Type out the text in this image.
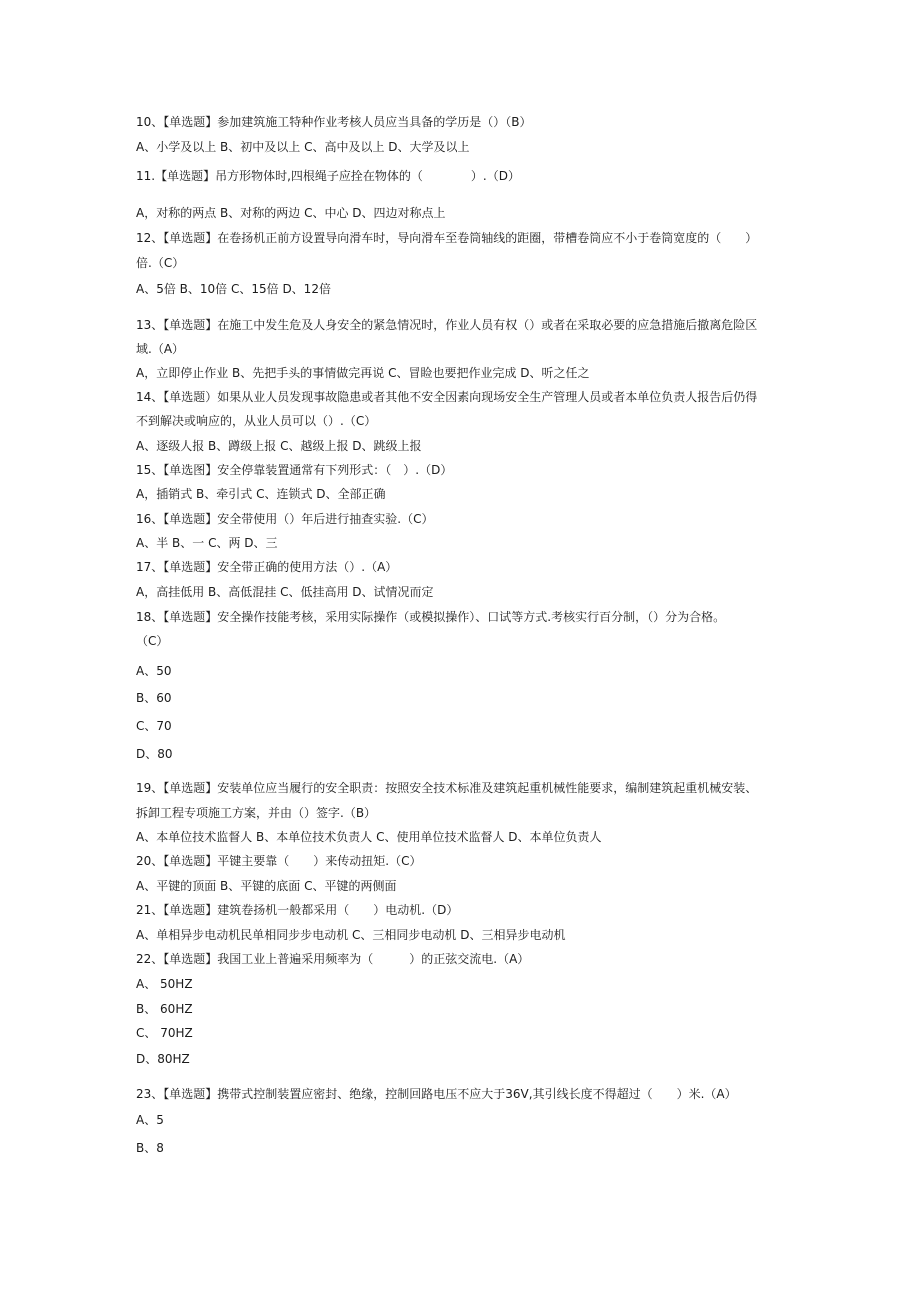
10、【单选题】参加建筑施工特种作业考核人员应当具备的学历是（）（B）
A、小学及以上 B、初中及以上 C、高中及以上 D、大学及以上
11.【单选题】吊方形物体时,四根绳子应拴在物体的（　　　　）.（D）
A，对称的两点 B、对称的两边 C、中心 D、四边对称点上
12、【单选题】在卷扬机正前方设置导向滑车时，导向滑车至卷筒轴线的距圈，带槽卷筒应不小于卷筒宽度的（　　）
倍.（C）
A、5倍 B、10倍 C、15倍 D、12倍
13、【单选题】在施工中发生危及人身安全的紧急情况时，作业人员有权（）或者在采取必要的应急措施后撤离危险区
域.（A）
A，立即停止作业 B、先把手头的事情做完再说 C、冒睑也要把作业完成 D、听之任之
14、【单选题）如果从业人员发现事故隐患或者其他不安全因素向现场安全生产管理人员或者本单位负责人报告后仍得
不到解决或响应的，从业人员可以（）.（C）
A、逐级人报 B、蹲级上报 C、越级上报 D、跳级上报
15、【单选图】安全停靠装置通常有下列形式：（　）.（D）
A，插销式 B、牵引式 C、连锁式 D、全部正确
16、【单选题】安全带使用（）年后进行抽查实验.（C）
A、半 B、一 C、两 D、三
17、【单选题】安全带正确的使用方法（）.（A）
A，高挂低用 B、高低混挂 C、低挂高用 D、试情况而定
18、【单选题】安全操作技能考核，采用实际操作（或模拟操作）、口试等方式.考核实行百分制，（）分为合格。
（C）
A、50
B、60
C、70
D、80
19、【单选题】安装单位应当履行的安全职责：按照安全技术标准及建筑起重机械性能要求，编制建筑起重机械安装、
拆卸工程专项施工方案，并由（）签字.（B）
A、本单位技术监督人 B、本单位技术负责人 C、使用单位技术监督人 D、本单位负责人
20、【单选题】平键主要靠（　　）来传动扭矩.（C）
A、平键的顶面 B、平键的底面 C、平键的两侧面
21、【单选题】建筑卷扬机一般都采用（　　）电动机.（D）
A、单相异步电动机民单相同步步电动机 C、三相同步电动机 D、三相异步电动机
22、【单选题】我国工业上普遍采用频率为（　　　）的正弦交流电.（A）
A、 50HZ
B、 60HZ
C、 70HZ
D、80HZ
23、【单选题】携带式控制装置应密封、绝缘，控制回路电压不应大于36V,其引线长度不得超过（　　）米.（A）
A、5
B、8
